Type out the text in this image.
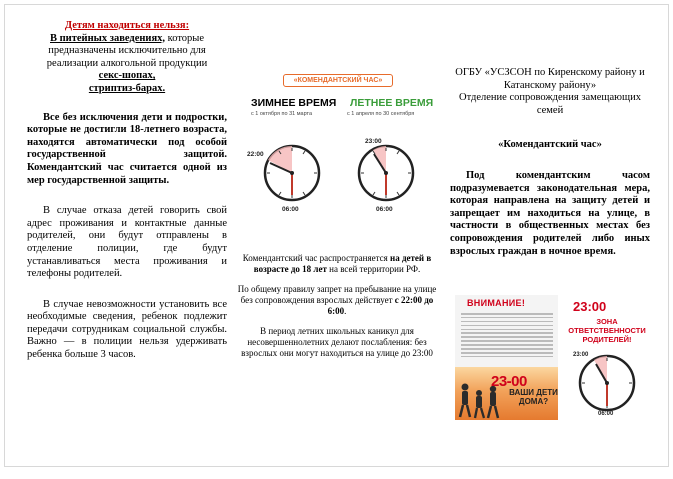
Детям находиться нельзя:
В питейных заведениях, которые предназначены исключительно для реализации алкогольной продукции
секс-шопах,
стриптиз-барах.

Все без исключения дети и подростки, которые не достигли 18-летнего возраста, находятся автоматически под особой государственной защитой. Комендантский час считается одной из мер государственной защиты.

В случае отказа детей говорить свой адрес проживания и контактные данные родителей, они будут отправлены в отделение полиции, где будут устанавливаться места проживания и телефоны родителей.

В случае невозможности установить все необходимые сведения, ребенок подлежит передачи сотрудникам социальной службы. Важно — в полиции нельзя удерживать ребенка больше 3 часов.

«КОМЕНДАНТСКИЙ ЧАС»
ЗИМНЕЕ ВРЕМЯ ЛЕТНЕЕ ВРЕМЯ
с 1 октября по 31 марта	с 1 апреля по 30 сентября
22:00
06:00
23:00
06:00

Комендантский час распространяется на детей в возрасте до 18 лет на всей территории РФ.

По общему правилу запрет на пребывание на улице без сопровождения взрослых действует с 22:00 до 6:00.

В период летних школьных каникул для несовершеннолетних делают послабления: без взрослых они могут находиться на улице до 23:00

ОГБУ «УСЗСОН по Киренскому району и Катанскому району»

Отделение сопровождения замещающих семей

«Комендантский час»

Под комендантским часом подразумевается законодательная мера, которая направлена на защиту детей и запрещает им находиться на улице, в частности в общественных местах без сопровождения родителей либо иных взрослых граждан в ночное время.

ВНИМАНИЕ!
23-00
ВАШИ ДЕТИ ДОМА?
23:00
ЗОНА ОТВЕТСТВЕННОСТИ РОДИТЕЛЕЙ!
23:00
06:00
